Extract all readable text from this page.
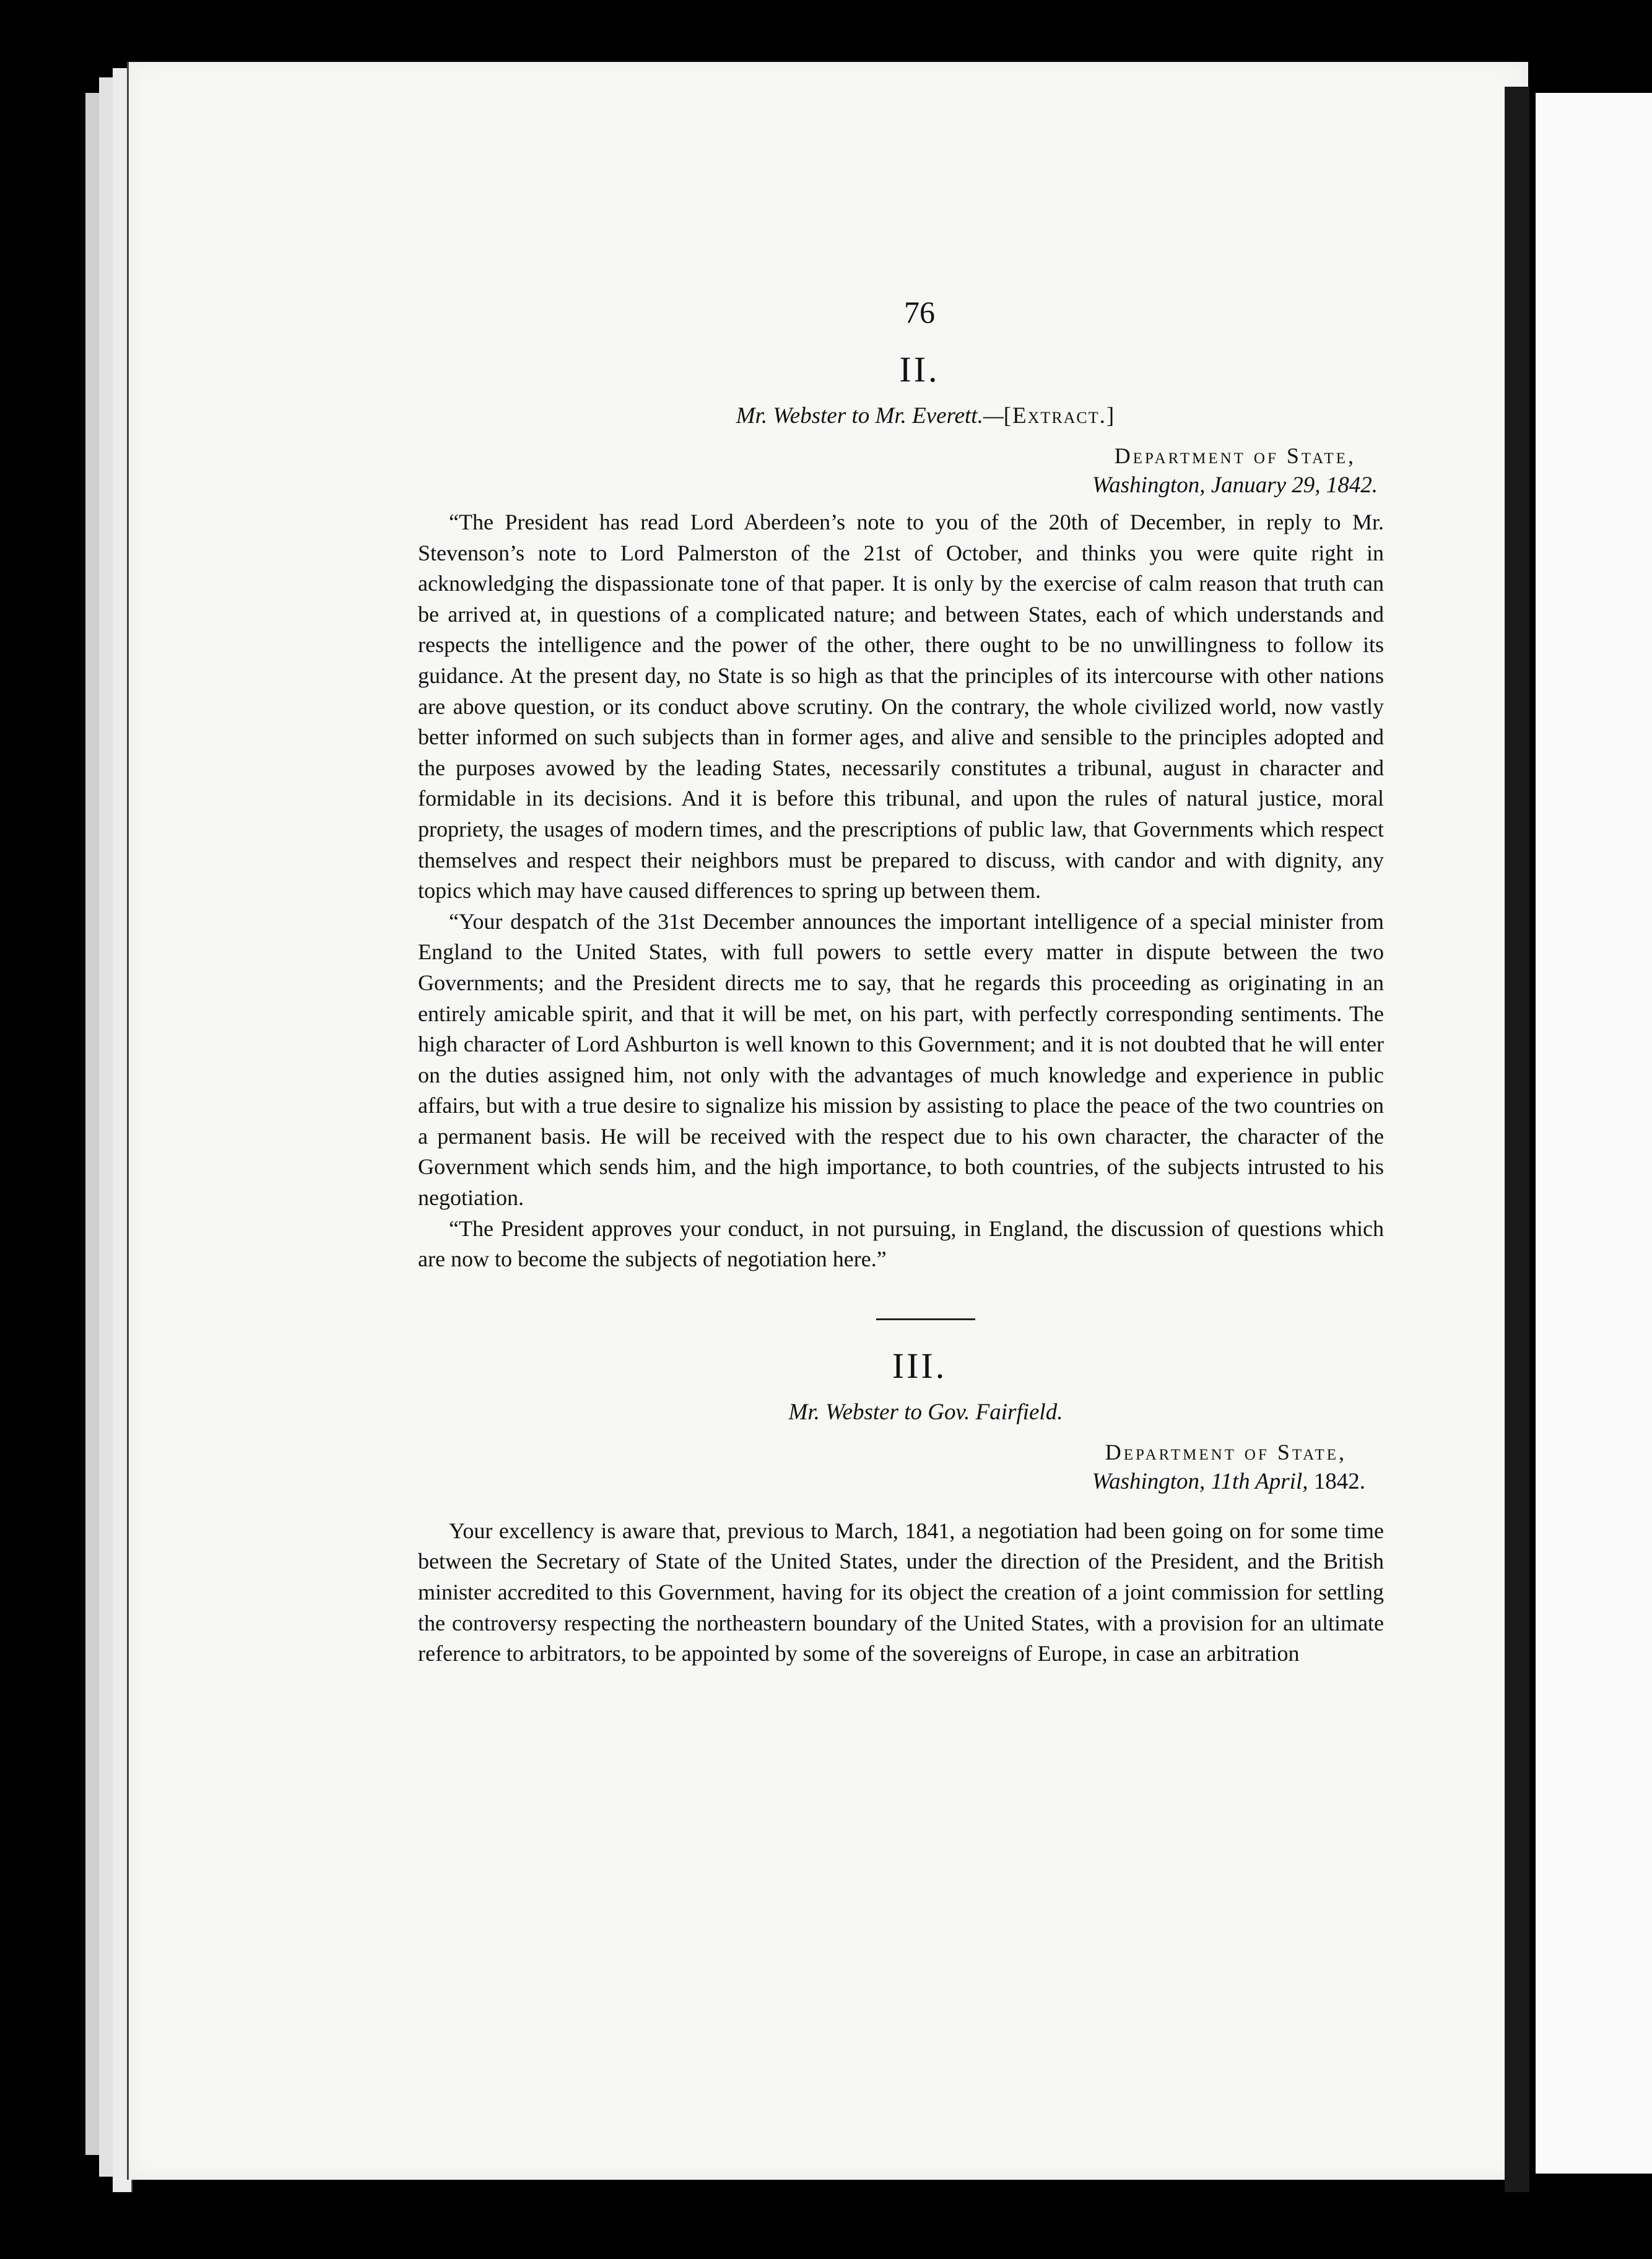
76
II.
Mr. Webster to Mr. Everett.—[Extract.]
Department of State,
Washington, January 29, 1842.

“The President has read Lord Aberdeen’s note to you of the 20th of December, in reply to Mr. Stevenson’s note to Lord Palmerston of the 21st of October, and thinks you were quite right in acknowledging the dispassionate tone of that paper. It is only by the exercise of calm reason that truth can be arrived at, in questions of a complicated nature; and between States, each of which understands and respects the intelligence and the power of the other, there ought to be no unwillingness to follow its guidance. At the present day, no State is so high as that the principles of its intercourse with other nations are above question, or its conduct above scrutiny. On the contrary, the whole civilized world, now vastly better informed on such subjects than in former ages, and alive and sensible to the principles adopted and the purposes avowed by the leading States, necessarily constitutes a tribunal, august in character and formidable in its decisions. And it is before this tribunal, and upon the rules of natural justice, moral propriety, the usages of modern times, and the prescriptions of public law, that Governments which respect themselves and respect their neighbors must be prepared to discuss, with candor and with dignity, any topics which may have caused differences to spring up between them.

“Your despatch of the 31st December announces the important intelligence of a special minister from England to the United States, with full powers to settle every matter in dispute between the two Governments; and the President directs me to say, that he regards this proceeding as originating in an entirely amicable spirit, and that it will be met, on his part, with perfectly corresponding sentiments. The high character of Lord Ashburton is well known to this Government; and it is not doubted that he will enter on the duties assigned him, not only with the advantages of much knowledge and experience in public affairs, but with a true desire to signalize his mission by assisting to place the peace of the two countries on a permanent basis. He will be received with the respect due to his own character, the character of the Government which sends him, and the high importance, to both countries, of the subjects intrusted to his negotiation.

“The President approves your conduct, in not pursuing, in England, the discussion of questions which are now to become the subjects of negotiation here.”

III.
Mr. Webster to Gov. Fairfield.
Department of State,
Washington, 11th April, 1842.

Your excellency is aware that, previous to March, 1841, a negotiation had been going on for some time between the Secretary of State of the United States, under the direction of the President, and the British minister accredited to this Government, having for its object the creation of a joint commission for settling the controversy respecting the northeastern boundary of the United States, with a provision for an ultimate reference to arbitrators, to be appointed by some of the sovereigns of Europe, in case an arbitration
